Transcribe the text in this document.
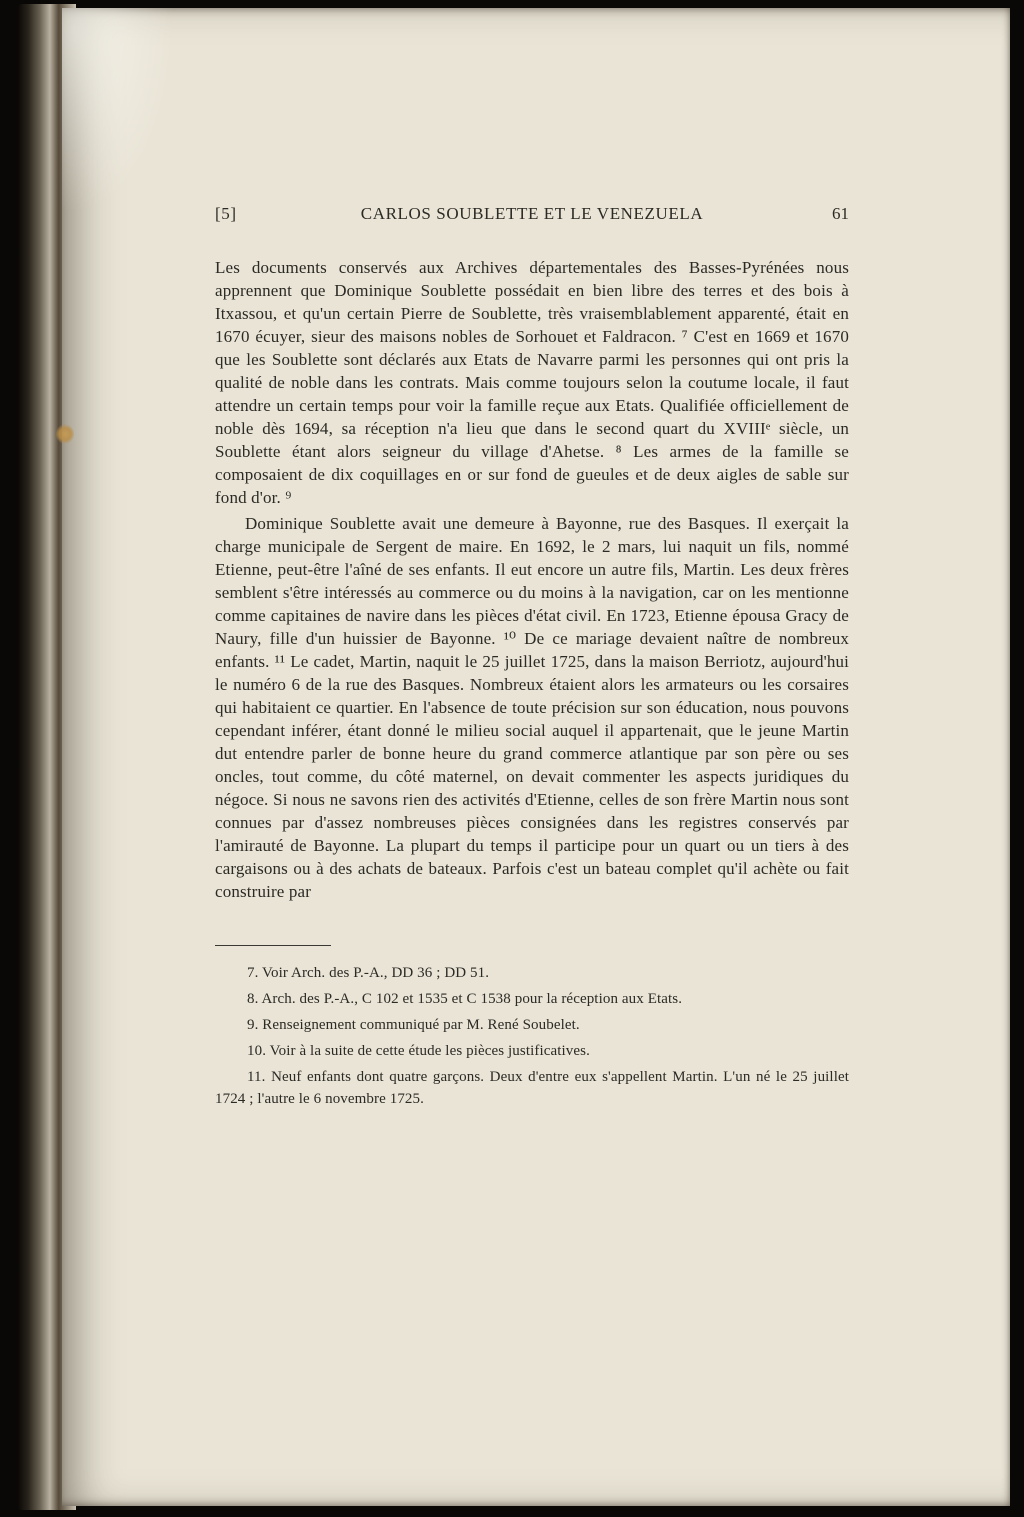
[5]	CARLOS SOUBLETTE ET LE VENEZUELA	61

Les documents conservés aux Archives départementales des Basses-Pyrénées nous apprennent que Dominique Soublette possédait en bien libre des terres et des bois à Itxassou, et qu'un certain Pierre de Soublette, très vraisemblablement apparenté, était en 1670 écuyer, sieur des maisons nobles de Sorhouet et Faldracon. ⁷ C'est en 1669 et 1670 que les Soublette sont déclarés aux Etats de Navarre parmi les personnes qui ont pris la qualité de noble dans les contrats. Mais comme toujours selon la coutume locale, il faut attendre un certain temps pour voir la famille reçue aux Etats. Qualifiée officiellement de noble dès 1694, sa réception n'a lieu que dans le second quart du XVIIIᵉ siècle, un Soublette étant alors seigneur du village d'Ahetse. ⁸ Les armes de la famille se composaient de dix coquillages en or sur fond de gueules et de deux aigles de sable sur fond d'or. ⁹

Dominique Soublette avait une demeure à Bayonne, rue des Basques. Il exerçait la charge municipale de Sergent de maire. En 1692, le 2 mars, lui naquit un fils, nommé Etienne, peut-être l'aîné de ses enfants. Il eut encore un autre fils, Martin. Les deux frères semblent s'être intéressés au commerce ou du moins à la navigation, car on les mentionne comme capitaines de navire dans les pièces d'état civil. En 1723, Etienne épousa Gracy de Naury, fille d'un huissier de Bayonne. ¹⁰ De ce mariage devaient naître de nombreux enfants. ¹¹ Le cadet, Martin, naquit le 25 juillet 1725, dans la maison Berriotz, aujourd'hui le numéro 6 de la rue des Basques. Nombreux étaient alors les armateurs ou les corsaires qui habitaient ce quartier. En l'absence de toute précision sur son éducation, nous pouvons cependant inférer, étant donné le milieu social auquel il appartenait, que le jeune Martin dut entendre parler de bonne heure du grand commerce atlantique par son père ou ses oncles, tout comme, du côté maternel, on devait commenter les aspects juridiques du négoce. Si nous ne savons rien des activités d'Etienne, celles de son frère Martin nous sont connues par d'assez nombreuses pièces consignées dans les registres conservés par l'amirauté de Bayonne. La plupart du temps il participe pour un quart ou un tiers à des cargaisons ou à des achats de bateaux. Parfois c'est un bateau complet qu'il achète ou fait construire par

7. Voir Arch. des P.-A., DD 36 ; DD 51.

8. Arch. des P.-A., C 102 et 1535 et C 1538 pour la réception aux Etats.

9. Renseignement communiqué par M. René Soubelet.

10. Voir à la suite de cette étude les pièces justificatives.

11. Neuf enfants dont quatre garçons. Deux d'entre eux s'appellent Martin. L'un né le 25 juillet 1724 ; l'autre le 6 novembre 1725.
